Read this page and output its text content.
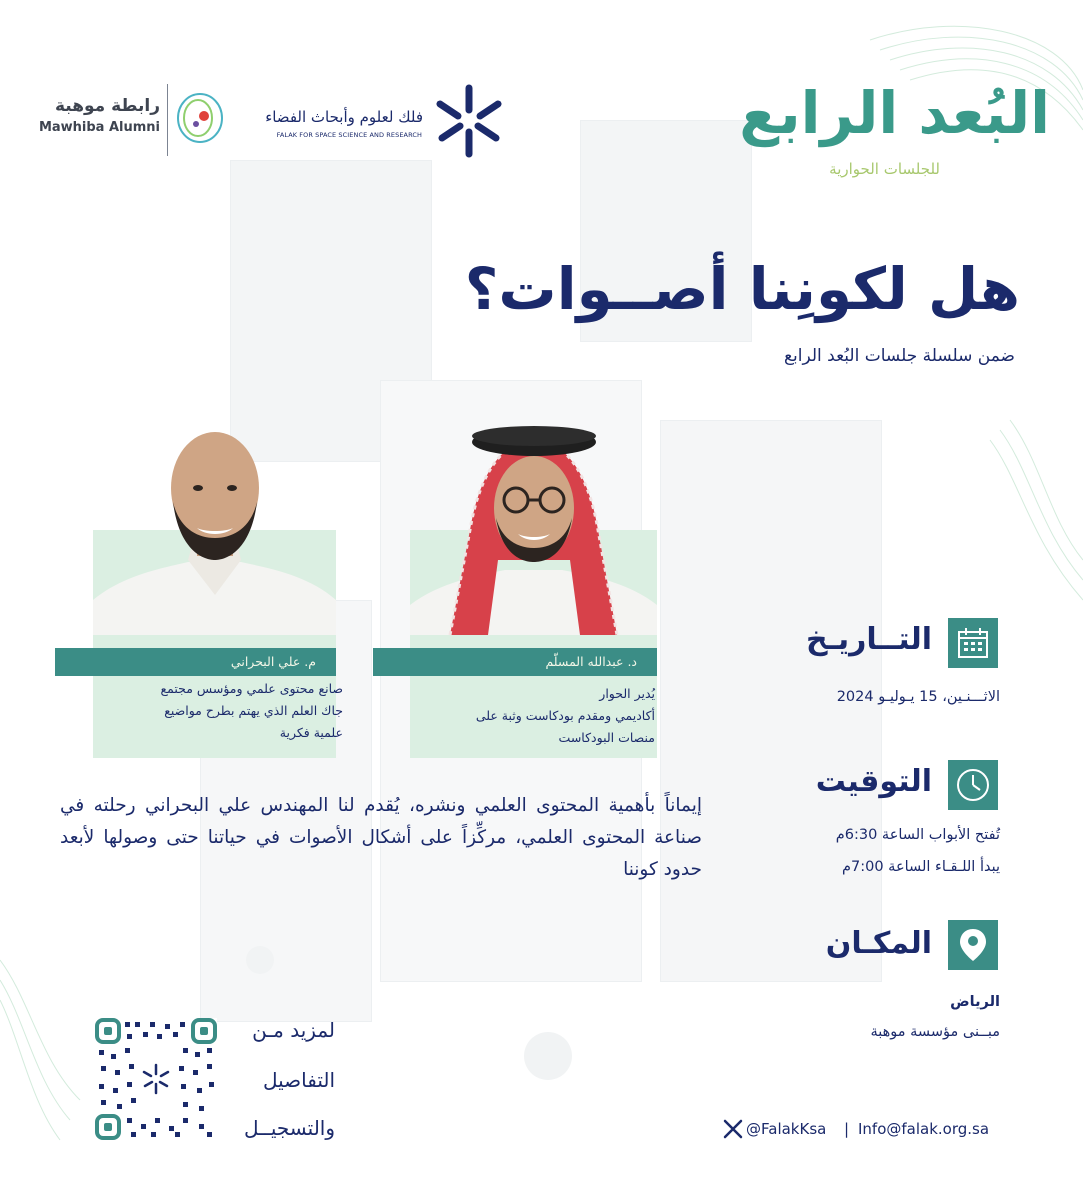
فلك لعلوم وأبحاث الفضاء
FALAK FOR SPACE SCIENCE AND RESEARCH
رابطة موهبة
Mawhiba Alumni	البُعد الرابع
للجلسات الحوارية
هل لكونِنا أصــوات؟
ضمن سلسلة جلسات البُعد الرابع
م. علي البحراني
صانع محتوى علمي ومؤسس مجتمع
جاك العلم الذي يهتم بطرح مواضيع
علمية فكرية
د. عبدالله المسلّم
يُدير الحوار
أكاديمي ومقدم بودكاست وثبة على
منصات البودكاست
إيماناً بأهمية المحتوى العلمي ونشره، يُقدم لنا المهندس علي البحراني رحلته في صناعة المحتوى العلمي، مركِّزاً على أشكال الأصوات في حياتنا حتى وصولها لأبعد حدود كوننا
التــاريـخ
الاثـــنـين، 15 يـوليـو 2024
التوقيت
تُفتح الأبواب الساعة 6:30م
يبدأ اللـقـاء الساعة 7:00م
المكـان
الرياض
مبــنى مؤسسة موهبة
لمزيد مـن
التفاصيل
والتسجيــل	@FalakKsa | Info@falak.org.sa
